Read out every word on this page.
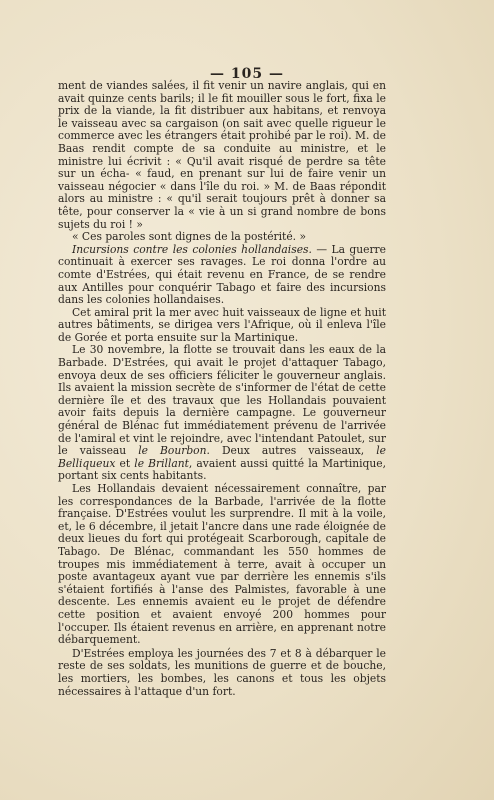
— 105 —

ment de viandes salées, il fit venir un navire anglais, qui en avait quinze cents barils; il le fit mouiller sous le fort, fixa le prix de la viande, la fit distribuer aux habitans, et renvoya le vaisseau avec sa cargaison (on sait avec quelle rigueur le commerce avec les étrangers était prohibé par le roi). M. de Baas rendit compte de sa conduite au ministre, et le ministre lui écrivit : « Qu'il avait risqué de perdre sa tête sur un écha- « faud, en prenant sur lui de faire venir un vaisseau négocier « dans l'île du roi. » M. de Baas répondit alors au ministre : « qu'il serait toujours prêt à donner sa tête, pour conserver la « vie à un si grand nombre de bons sujets du roi ! »

« Ces paroles sont dignes de la postérité. »

Incursions contre les colonies hollandaises. — La guerre continuait à exercer ses ravages. Le roi donna l'ordre au comte d'Estrées, qui était revenu en France, de se rendre aux Antilles pour conquérir Tabago et faire des incursions dans les colonies hollandaises.

Cet amiral prit la mer avec huit vaisseaux de ligne et huit autres bâtiments, se dirigea vers l'Afrique, où il enleva l'île de Gorée et porta ensuite sur la Martinique.

Le 30 novembre, la flotte se trouvait dans les eaux de la Barbade. D'Estrées, qui avait le projet d'attaquer Tabago, envoya deux de ses officiers féliciter le gouverneur anglais. Ils avaient la mission secrète de s'informer de l'état de cette dernière île et des travaux que les Hollandais pouvaient avoir faits depuis la dernière campagne. Le gouverneur général de Blénac fut immédiatement prévenu de l'arrivée de l'amiral et vint le rejoindre, avec l'intendant Patoulet, sur le vaisseau le Bourbon. Deux autres vaisseaux, le Belliqueux et le Brillant, avaient aussi quitté la Martinique, portant six cents habitants.

Les Hollandais devaient nécessairement connaître, par les correspondances de la Barbade, l'arrivée de la flotte française. D'Estrées voulut les surprendre. Il mit à la voile, et, le 6 décembre, il jetait l'ancre dans une rade éloignée de deux lieues du fort qui protégeait Scarborough, capitale de Tabago. De Blénac, commandant les 550 hommes de troupes mis immédiatement à terre, avait à occuper un poste avantageux ayant vue par derrière les ennemis s'ils s'étaient fortifiés à l'anse des Palmistes, favorable à une descente. Les ennemis avaient eu le projet de défendre cette position et avaient envoyé 200 hommes pour l'occuper. Ils étaient revenus en arrière, en apprenant notre débarquement.

D'Estrées employa les journées des 7 et 8 à débarquer le reste de ses soldats, les munitions de guerre et de bouche, les mortiers, les bombes, les canons et tous les objets nécessaires à l'attaque d'un fort.
